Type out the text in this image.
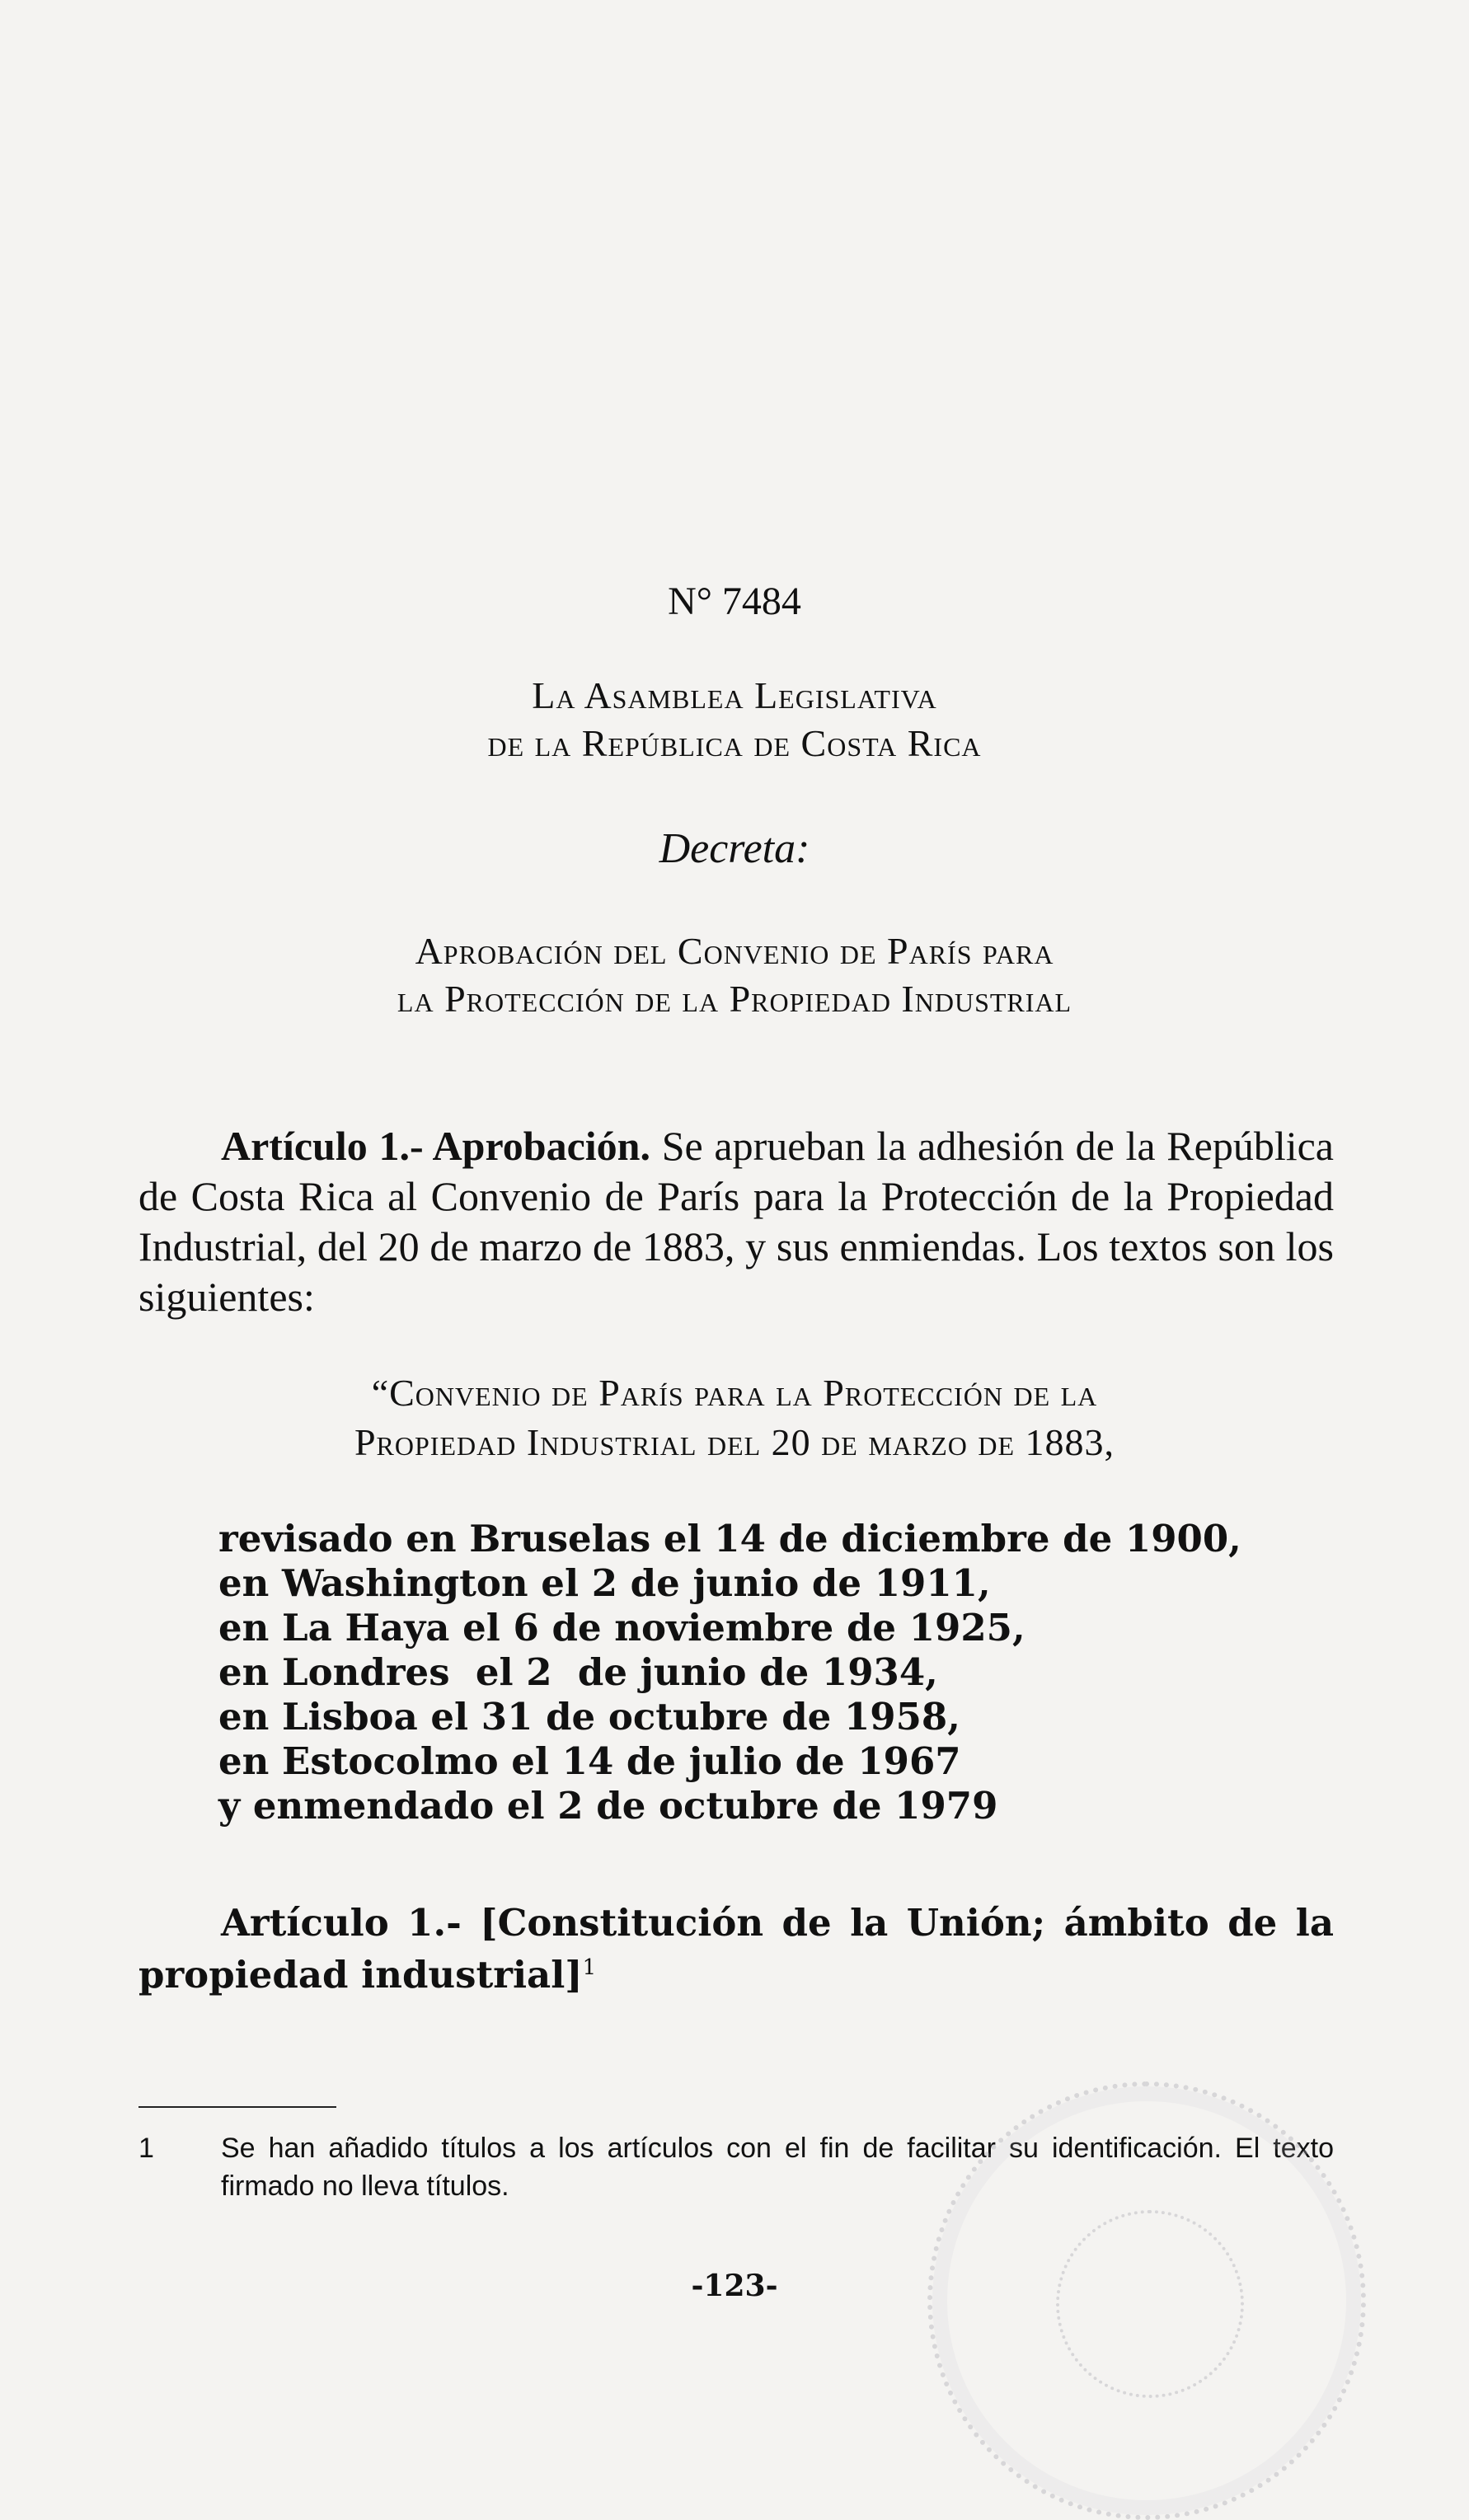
N° 7484
La Asamblea Legislativa
de la República de Costa Rica
Decreta:
Aprobación del Convenio de París para
la Protección de la Propiedad Industrial
Artículo 1.- Aprobación. Se aprueban la adhesión de la República de Costa Rica al Convenio de París para la Protección de la Propiedad Industrial, del 20 de marzo de 1883, y sus enmiendas. Los textos son los siguientes:
“Convenio de París para la Protección de la
Propiedad Industrial del 20 de marzo de 1883,
revisado en Bruselas el 14 de diciembre de 1900,
en Washington el 2 de junio de 1911,
en La Haya el 6 de noviembre de 1925,
en Londres  el 2  de junio de 1934,
en Lisboa el 31 de octubre de 1958,
en Estocolmo el 14 de julio de 1967
y enmendado el 2 de octubre de 1979
Artículo 1.- [Constitución de la Unión; ámbito de la propiedad industrial]$^1$
1 Se han añadido títulos a los artículos con el fin de facilitar su identificación. El texto firmado no lleva títulos.
-123-
